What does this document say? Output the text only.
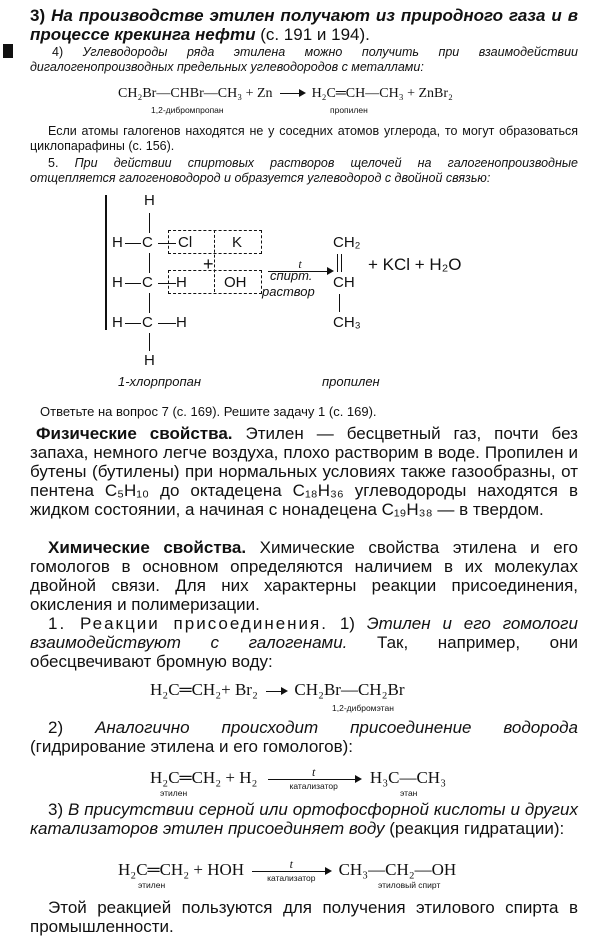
3) На производстве этилен получают из природного газа и в процессе крекинга нефти (с. 191 и 194).
4) Углеводороды ряда этилена можно получить при взаимодействии дигалогенопроизводных предельных углеводородов с металлами:
CH₂Br—CHBr—CH₃ + Zn	H₂C═CH—CH₃ + ZnBr₂
1,2-дибромпропан	пропилен
Если атомы галогенов находятся не у соседних атомов углерода, то могут образоваться циклопарафины (с. 156).
5. При действии спиртовых растворов щелочей на галогенопроизводные отщепляется галогеноводород и образуется углеводород с двойной связью:
H
H C Cl	K
H C H OH
+
H C H
H
t
спирт.
раствор
CH₂
CH
CH₃
+ KCl + H₂O
1-хлорпропан	пропилен
Ответьте на вопрос 7 (с. 169). Решите задачу 1 (с. 169).
Физические свойства. Этилен — бесцветный газ, почти без запаха, немного легче воздуха, плохо растворим в воде. Пропилен и бутены (бутилены) при нормальных условиях также газообразны, от пентена C₅H₁₀ до октадецена C₁₈H₃₆ углеводороды находятся в жидком состоянии, а начиная с нонадецена C₁₉H₃₈ — в твердом.
Химические свойства. Химические свойства этилена и его гомологов в основном определяются наличием в их молекулах двойной связи. Для них характерны реакции присоединения, окисления и полимеризации.
1. Реакции присоединения. 1) Этилен и его гомологи взаимодействуют с галогенами. Так, например, они обесцвечивают бромную воду:
H₂C═CH₂+ Br₂ CH₂Br—CH₂Br
1,2-дибромэтан
2) Аналогично происходит присоединение водорода (гидрирование этилена и его гомологов):
H₂C═CH₂ + H₂	t
катализатор	H₃C—CH₃
этилен	этан
3) В присутствии серной или ортофосфорной кислоты и других катализаторов этилен присоединяет воду (реакция гидратации):
H₂C═CH₂ + HOH	t
катализатор	CH₃—CH₂—OH
этилен	этиловый спирт
Этой реакцией пользуются для получения этилового спирта в промышленности.
